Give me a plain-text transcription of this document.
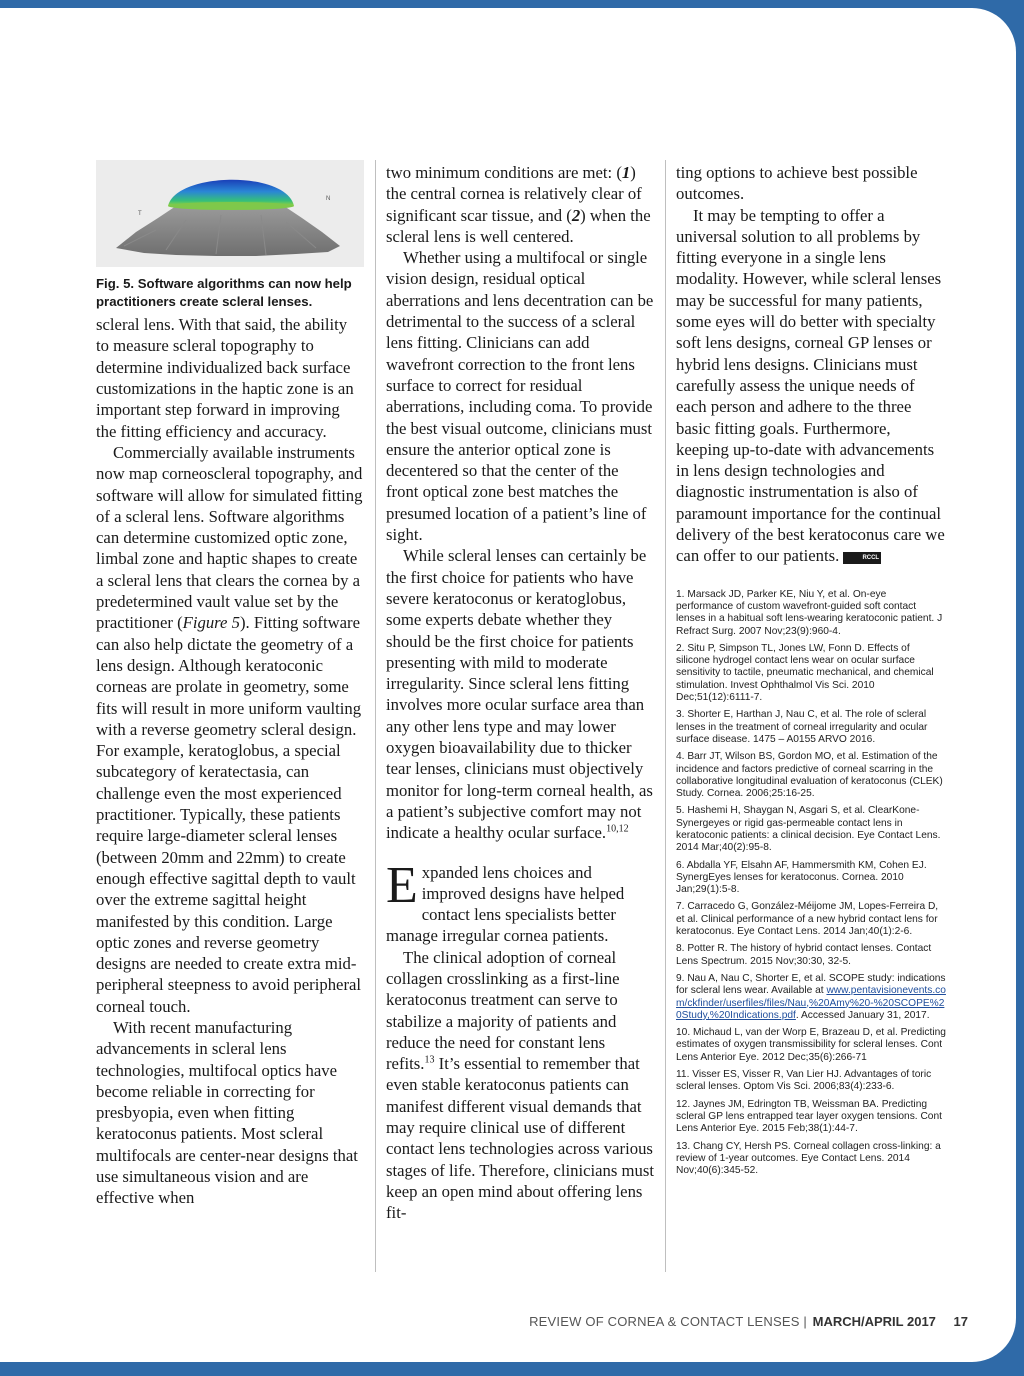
T
N
Fig. 5. Software algorithms can now help practitioners create scleral lenses.

scleral lens. With that said, the ability to measure scleral topography to determine individualized back surface customizations in the haptic zone is an important step forward in improving the fitting efficiency and accuracy.

Commercially available instruments now map corneoscleral topography, and software will allow for simulated fitting of a scleral lens. Software algorithms can determine customized optic zone, limbal zone and haptic shapes to create a scleral lens that clears the cornea by a predetermined vault value set by the practitioner (Figure 5). Fitting software can also help dictate the geometry of a lens design. Although keratoconic corneas are prolate in geometry, some fits will result in more uniform vaulting with a reverse geometry scleral design. For example, keratoglobus, a special subcategory of keratectasia, can challenge even the most experienced practitioner. Typically, these patients require large-diameter scleral lenses (between 20mm and 22mm) to create enough effective sagittal depth to vault over the extreme sagittal height manifested by this condition. Large optic zones and reverse geometry designs are needed to create extra mid-peripheral steepness to avoid peripheral corneal touch.

With recent manufacturing advancements in scleral lens technologies, multifocal optics have become reliable in correcting for presbyopia, even when fitting keratoconus patients. Most scleral multifocals are center-near designs that use simultaneous vision and are effective when

two minimum conditions are met: (1) the central cornea is relatively clear of significant scar tissue, and (2) when the scleral lens is well centered.

Whether using a multifocal or single vision design, residual optical aberrations and lens decentration can be detrimental to the success of a scleral lens fitting. Clinicians can add wavefront correction to the front lens surface to correct for residual aberrations, including coma. To provide the best visual outcome, clinicians must ensure the anterior optical zone is decentered so that the center of the front optical zone best matches the presumed location of a patient’s line of sight.

While scleral lenses can certainly be the first choice for patients who have severe keratoconus or keratoglobus, some experts debate whether they should be the first choice for patients presenting with mild to moderate irregularity. Since scleral lens fitting involves more ocular surface area than any other lens type and may lower oxygen bioavailability due to thicker tear lenses, clinicians must objectively monitor for long-term corneal health, as a patient’s subjective comfort may not indicate a healthy ocular surface.$^{10,12}$

Expanded lens choices and improved designs have helped contact lens specialists better manage irregular cornea patients.

The clinical adoption of corneal collagen crosslinking as a first-line keratoconus treatment can serve to stabilize a majority of patients and reduce the need for constant lens refits.$^{13}$ It’s essential to remember that even stable keratoconus patients can manifest different visual demands that may require clinical use of different contact lens technologies across various stages of life. Therefore, clinicians must keep an open mind about offering lens fit-

ting options to achieve best possible outcomes.

It may be tempting to offer a universal solution to all problems by fitting everyone in a single lens modality. However, while scleral lenses may be successful for many patients, some eyes will do better with specialty soft lens designs, corneal GP lenses or hybrid lens designs. Clinicians must carefully assess the unique needs of each person and adhere to the three basic fitting goals. Furthermore, keeping up-to-date with advancements in lens design technologies and diagnostic instrumentation is also of paramount importance for the continual delivery of the best keratoconus care we can offer to our patients.	RCCL

1. Marsack JD, Parker KE, Niu Y, et al. On-eye performance of custom wavefront-guided soft contact lenses in a habitual soft lens-wearing keratoconic patient. J Refract Surg. 2007 Nov;23(9):960-4.
2. Situ P, Simpson TL, Jones LW, Fonn D. Effects of silicone hydrogel contact lens wear on ocular surface sensitivity to tactile, pneumatic mechanical, and chemical stimulation. Invest Ophthalmol Vis Sci. 2010 Dec;51(12):6111-7.
3. Shorter E, Harthan J, Nau C, et al. The role of scleral lenses in the treatment of corneal irregularity and ocular surface disease. 1475 – A0155 ARVO 2016.
4. Barr JT, Wilson BS, Gordon MO, et al. Estimation of the incidence and factors predictive of corneal scarring in the collaborative longitudinal evaluation of keratoconus (CLEK) Study. Cornea. 2006;25:16-25.
5. Hashemi H, Shaygan N, Asgari S, et al. ClearKone-Synergeyes or rigid gas-permeable contact lens in keratoconic patients: a clinical decision. Eye Contact Lens. 2014 Mar;40(2):95-8.
6. Abdalla YF, Elsahn AF, Hammersmith KM, Cohen EJ. SynergEyes lenses for keratoconus. Cornea. 2010 Jan;29(1):5-8.
7. Carracedo G, González-Méijome JM, Lopes-Ferreira D, et al. Clinical performance of a new hybrid contact lens for keratoconus. Eye Contact Lens. 2014 Jan;40(1):2-6.
8. Potter R. The history of hybrid contact lenses. Contact Lens Spectrum. 2015 Nov;30:30, 32-5.
9. Nau A, Nau C, Shorter E, et al. SCOPE study: indications for scleral lens wear. Available at www.pentavisionevents.com/ckfinder/userfiles/files/Nau,%20Amy%20-%20SCOPE%20Study,%20Indications.pdf. Accessed January 31, 2017.
10. Michaud L, van der Worp E, Brazeau D, et al. Predicting estimates of oxygen transmissibility for scleral lenses. Cont Lens Anterior Eye. 2012 Dec;35(6):266-71
11. Visser ES, Visser R, Van Lier HJ. Advantages of toric scleral lenses. Optom Vis Sci. 2006;83(4):233-6.
12. Jaynes JM, Edrington TB, Weissman BA. Predicting scleral GP lens entrapped tear layer oxygen tensions. Cont Lens Anterior Eye. 2015 Feb;38(1):44-7.
13. Chang CY, Hersh PS. Corneal collagen cross-linking: a review of 1-year outcomes. Eye Contact Lens. 2014 Nov;40(6):345-52.
REVIEW OF CORNEA & CONTACT LENSES | MARCH/APRIL 2017 17
